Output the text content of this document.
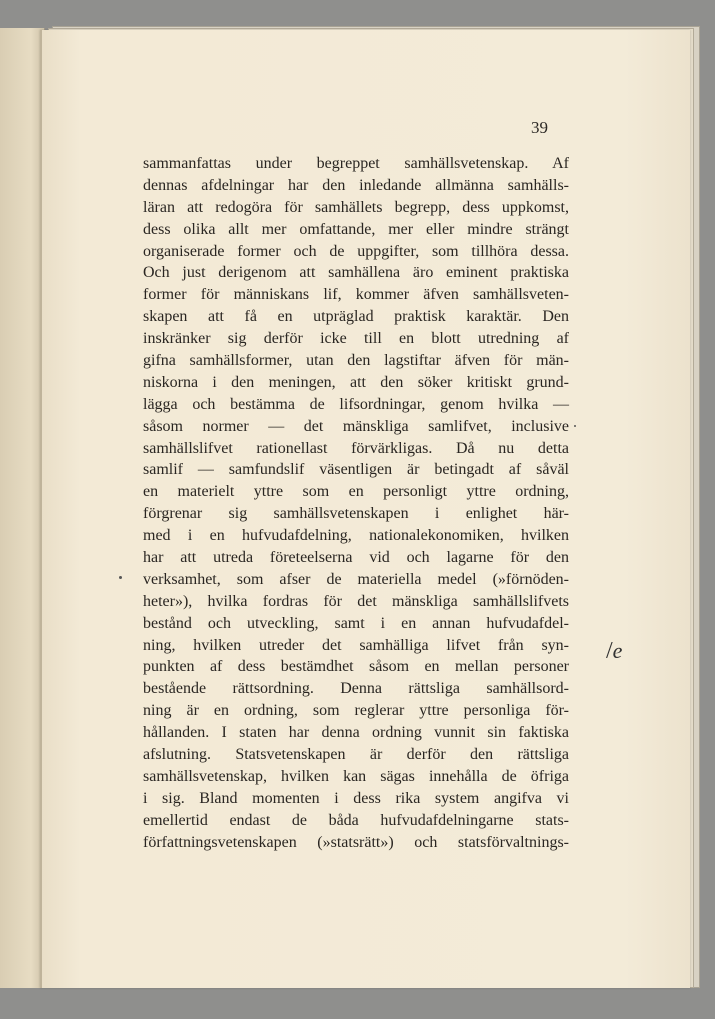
39

sammanfattas under begreppet samhällsvetenskap. Af
dennas afdelningar har den inledande allmänna samhälls-
läran att redogöra för samhällets begrepp, dess uppkomst,
dess olika allt mer omfattande, mer eller mindre strängt
organiserade former och de uppgifter, som tillhöra dessa.
Och just derigenom att samhällena äro eminent praktiska
former för människans lif, kommer äfven samhällsveten-
skapen att få en utpräglad praktisk karaktär. Den
inskränker sig derför icke till en blott utredning af
gifna samhällsformer, utan den lagstiftar äfven för män-
niskorna i den meningen, att den söker kritiskt grund-
lägga och bestämma de lifsordningar, genom hvilka —
såsom normer — det mänskliga samlifvet, inclusive
samhällslifvet rationellast förvärkligas. Då nu detta
samlif — samfundslif väsentligen är betingadt af såväl
en materielt yttre som en personligt yttre ordning,
förgrenar sig samhällsvetenskapen i enlighet här-
med i en hufvudafdelning, nationalekonomiken, hvilken
har att utreda företeelserna vid och lagarne för den
verksamhet, som afser de materiella medel (»förnöden-
heter»), hvilka fordras för det mänskliga samhällslifvets
bestånd och utveckling, samt i en annan hufvudafdel-
ning, hvilken utreder det samhälliga lifvet från syn-
punkten af dess bestämdhet såsom en mellan personer
bestående rättsordning. Denna rättsliga samhällsord-
ning är en ordning, som reglerar yttre personliga för-
hållanden. I staten har denna ordning vunnit sin faktiska
afslutning. Statsvetenskapen är derför den rättsliga
samhällsvetenskap, hvilken kan sägas innehålla de öfriga
i sig. Bland momenten i dess rika system angifva vi
emellertid endast de båda hufvudafdelningarne stats-
författningsvetenskapen (»statsrätt») och statsförvaltnings-

/e
